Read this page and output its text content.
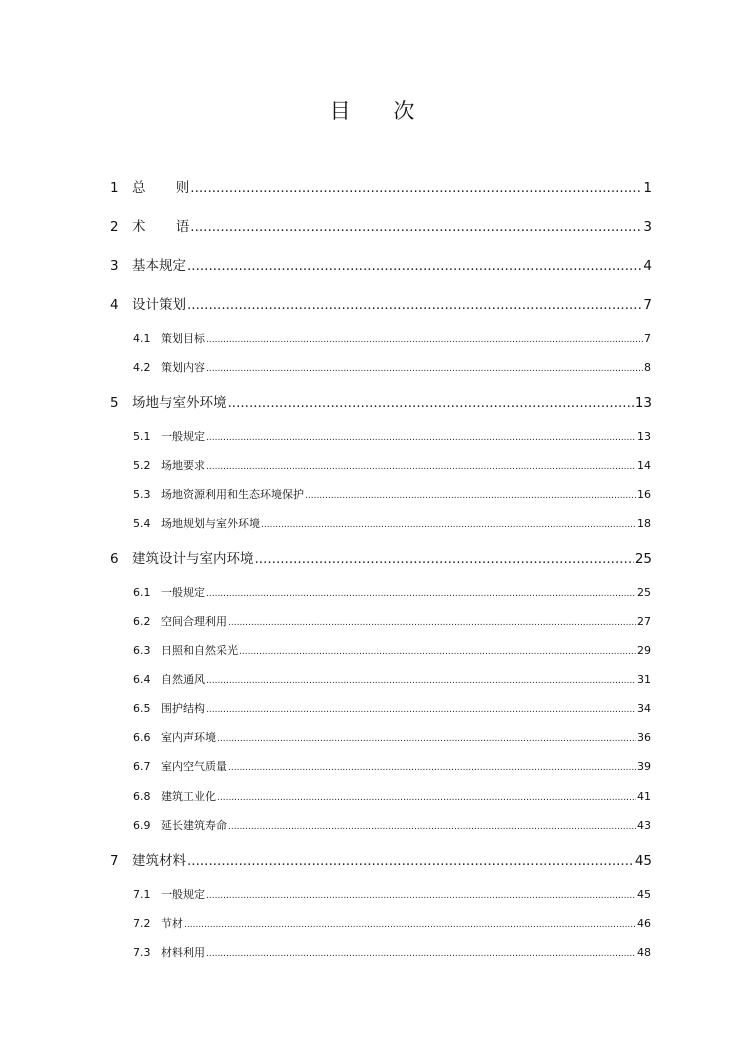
目 次
1 总 则 .....	1
2 术 语 .....	3
3 基本规定 .....	4
4 设计策划 .....	7
4.1 策划目标 .....	7
4.2 策划内容 .....	8
5 场地与室外环境 .....	13
5.1 一般规定 .....	13
5.2 场地要求 .....	14
5.3 场地资源利用和生态环境保护 .....	16
5.4 场地规划与室外环境 .....	18
6 建筑设计与室内环境 .....	25
6.1 一般规定 .....	25
6.2 空间合理利用 .....	27
6.3 日照和自然采光 .....	29
6.4 自然通风 .....	31
6.5 围护结构 .....	34
6.6 室内声环境 .....	36
6.7 室内空气质量 .....	39
6.8 建筑工业化 .....	41
6.9 延长建筑寿命 .....	43
7 建筑材料 .....	45
7.1 一般规定 .....	45
7.2 节材 .....	46
7.3 材料利用 .....	48
